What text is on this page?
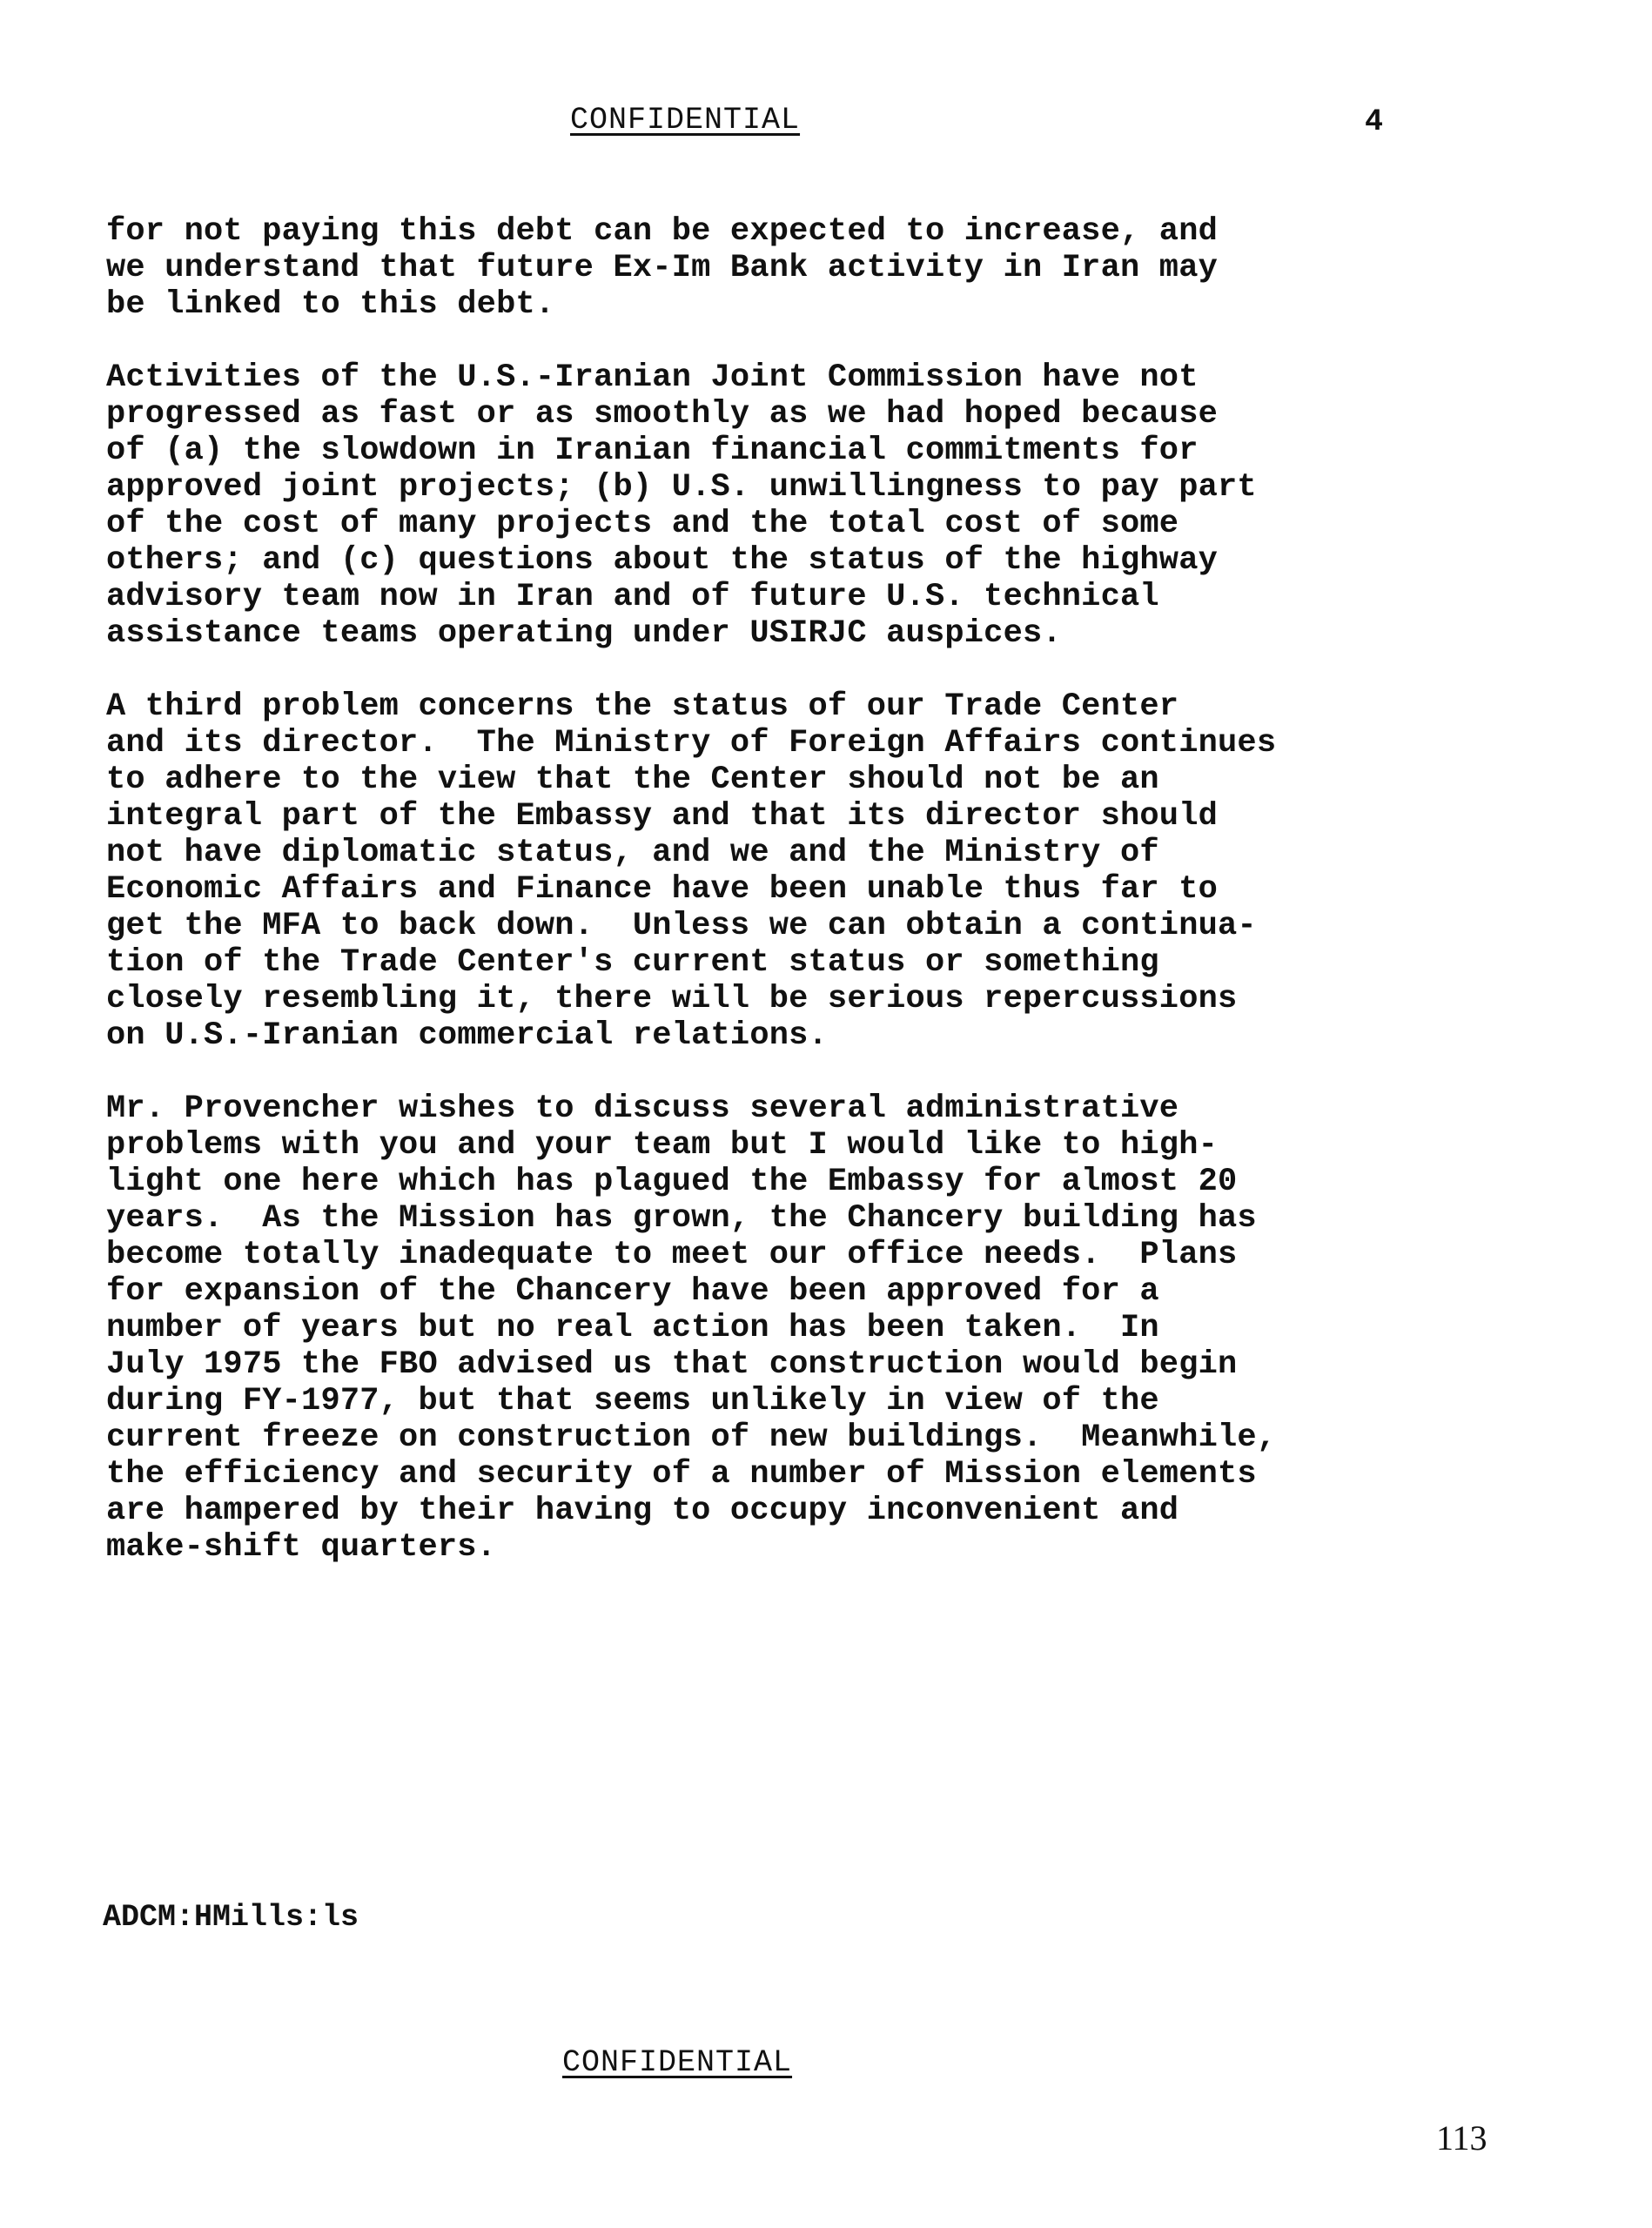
CONFIDENTIAL	4
for not paying this debt can be expected to increase, and
we understand that future Ex-Im Bank activity in Iran may
be linked to this debt.
Activities of the U.S.-Iranian Joint Commission have not
progressed as fast or as smoothly as we had hoped because
of (a) the slowdown in Iranian financial commitments for
approved joint projects; (b) U.S. unwillingness to pay part
of the cost of many projects and the total cost of some
others; and (c) questions about the status of the highway
advisory team now in Iran and of future U.S. technical
assistance teams operating under USIRJC auspices.
A third problem concerns the status of our Trade Center
and its director.  The Ministry of Foreign Affairs continues
to adhere to the view that the Center should not be an
integral part of the Embassy and that its director should
not have diplomatic status, and we and the Ministry of
Economic Affairs and Finance have been unable thus far to
get the MFA to back down.  Unless we can obtain a continua-
tion of the Trade Center's current status or something
closely resembling it, there will be serious repercussions
on U.S.-Iranian commercial relations.
Mr. Provencher wishes to discuss several administrative
problems with you and your team but I would like to high-
light one here which has plagued the Embassy for almost 20
years.  As the Mission has grown, the Chancery building has
become totally inadequate to meet our office needs.  Plans
for expansion of the Chancery have been approved for a
number of years but no real action has been taken.  In
July 1975 the FBO advised us that construction would begin
during FY-1977, but that seems unlikely in view of the
current freeze on construction of new buildings.  Meanwhile,
the efficiency and security of a number of Mission elements
are hampered by their having to occupy inconvenient and
make-shift quarters.
ADCM:HMills:ls
CONFIDENTIAL
113
